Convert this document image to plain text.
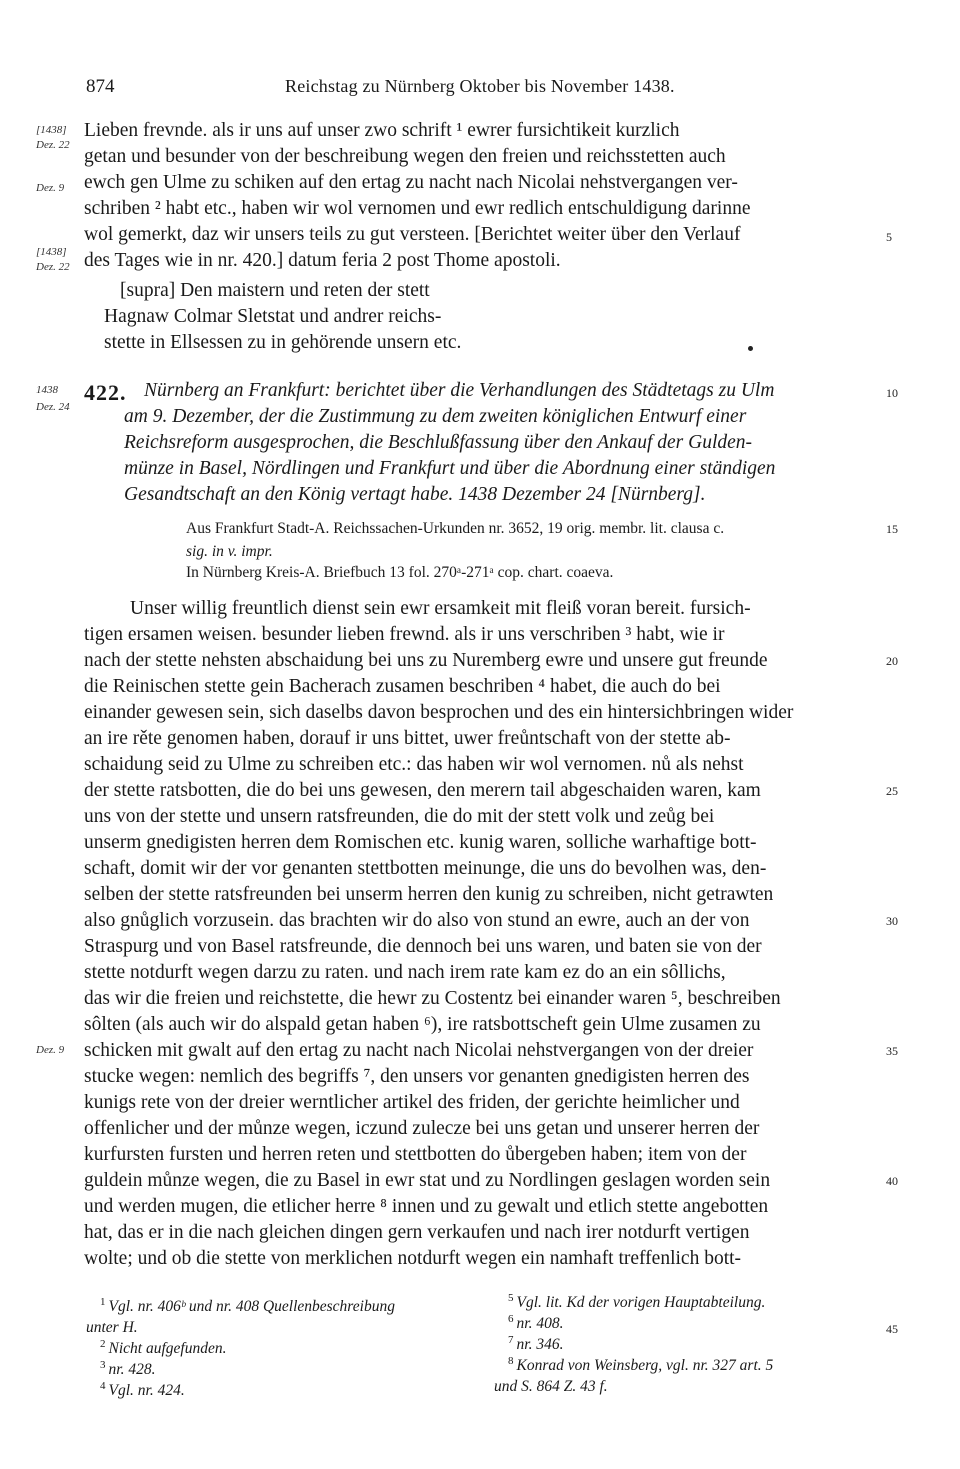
874	Reichstag zu Nürnberg Oktober bis November 1438.
[1438]
Dez. 22
Dez. 9
[1438]
Dez. 22
Lieben frevnde. als ir uns auf unser zwo schrift ¹ ewrer fursichtikeit kurzlich
getan und besunder von der beschreibung wegen den freien und reichsstetten auch
ewch gen Ulme zu schiken auf den ertag zu nacht nach Nicolai nehstvergangen ver-
schriben ² habt etc., haben wir wol vernomen und ewr redlich entschuldigung darinne
wol gemerkt, daz wir unsers teils zu gut versteen. [Berichtet weiter über den Verlauf
des Tages wie in nr. 420.] datum feria 2 post Thome apostoli.
[supra] Den maistern und reten der stett
Hagnaw Colmar Sletstat und andrer reichs-
stette in Ellsessen zu in gehörende unsern etc.
1438
Dez. 24
422. Nürnberg an Frankfurt: berichtet über die Verhandlungen des Städtetags zu Ulm
am 9. Dezember, der die Zustimmung zu dem zweiten königlichen Entwurf einer
Reichsreform ausgesprochen, die Beschlußfassung über den Ankauf der Gulden-
münze in Basel, Nördlingen und Frankfurt und über die Abordnung einer ständigen
Gesandtschaft an den König vertagt habe. 1438 Dezember 24 [Nürnberg].
Aus Frankfurt Stadt-A. Reichssachen-Urkunden nr. 3652, 19 orig. membr. lit. clausa c.
sig. in v. impr.
In Nürnberg Kreis-A. Briefbuch 13 fol. 270ᵃ-271ᵃ cop. chart. coaeva.
Unser willig freuntlich dienst sein ewr ersamkeit mit fleiß voran bereit. fursich-
tigen ersamen weisen. besunder lieben frewnd. als ir uns verschriben ³ habt, wie ir
nach der stette nehsten abschaidung bei uns zu Nuremberg ewre und unsere gut freunde
die Reinischen stette gein Bacherach zusamen beschriben ⁴ habet, die auch do bei
einander gewesen sein, sich daselbs davon besprochen und des ein hintersichbringen wider
an ire rěte genomen haben, dorauf ir uns bittet, uwer freůntschaft von der stette ab-
schaidung seid zu Ulme zu schreiben etc.: das haben wir wol vernomen. nů als nehst
der stette ratsbotten, die do bei uns gewesen, den merern tail abgeschaiden waren, kam
uns von der stette und unsern ratsfreunden, die do mit der stett volk und zeůg bei
unserm gnedigisten herren dem Romischen etc. kunig waren, solliche warhaftige bott-
schaft, domit wir der vor genanten stettbotten meinunge, die uns do bevolhen was, den-
selben der stette ratsfreunden bei unserm herren den kunig zu schreiben, nicht getrawten
also gnůglich vorzusein. das brachten wir do also von stund an ewre, auch an der von
Straspurg und von Basel ratsfreunde, die dennoch bei uns waren, und baten sie von der
stette notdurft wegen darzu zu raten. und nach irem rate kam ez do an ein sôllichs,
das wir die freien und reichstette, die hewr zu Costentz bei einander waren ⁵, beschreiben
sôlten (als auch wir do alspald getan haben ⁶), ire ratsbottscheft gein Ulme zusamen zu
Dez. 9 schicken mit gwalt auf den ertag zu nacht nach Nicolai nehstvergangen von der dreier
stucke wegen: nemlich des begriffs ⁷, den unsers vor genanten gnedigisten herren des
kunigs rete von der dreier werntlicher artikel des friden, der gerichte heimlicher und
offenlicher und der můnze wegen, iczund zulecze bei uns getan und unserer herren der
kurfursten fursten und herren reten und stettbotten do ůbergeben haben; item von der
guldein můnze wegen, die zu Basel in ewr stat und zu Nordlingen geslagen worden sein
und werden mugen, die etlicher herre ⁸ innen und zu gewalt und etlich stette angebotten
hat, das er in die nach gleichen dingen gern verkaufen und nach irer notdurft vertigen
wolte; und ob die stette von merklichen notdurft wegen ein namhaft treffenlich bott-
5
10
15
20
25
30
35
40
45
$^1$ Vgl. nr. 406ᵇ und nr. 408 Quellenbeschreibung
unter H.
$^2$ Nicht aufgefunden.
$^3$ nr. 428.
$^4$ Vgl. nr. 424.
$^5$ Vgl. lit. Kd der vorigen Hauptabteilung.
$^6$ nr. 408.
$^7$ nr. 346.
$^8$ Konrad von Weinsberg, vgl. nr. 327 art. 5
und S. 864 Z. 43 f.
